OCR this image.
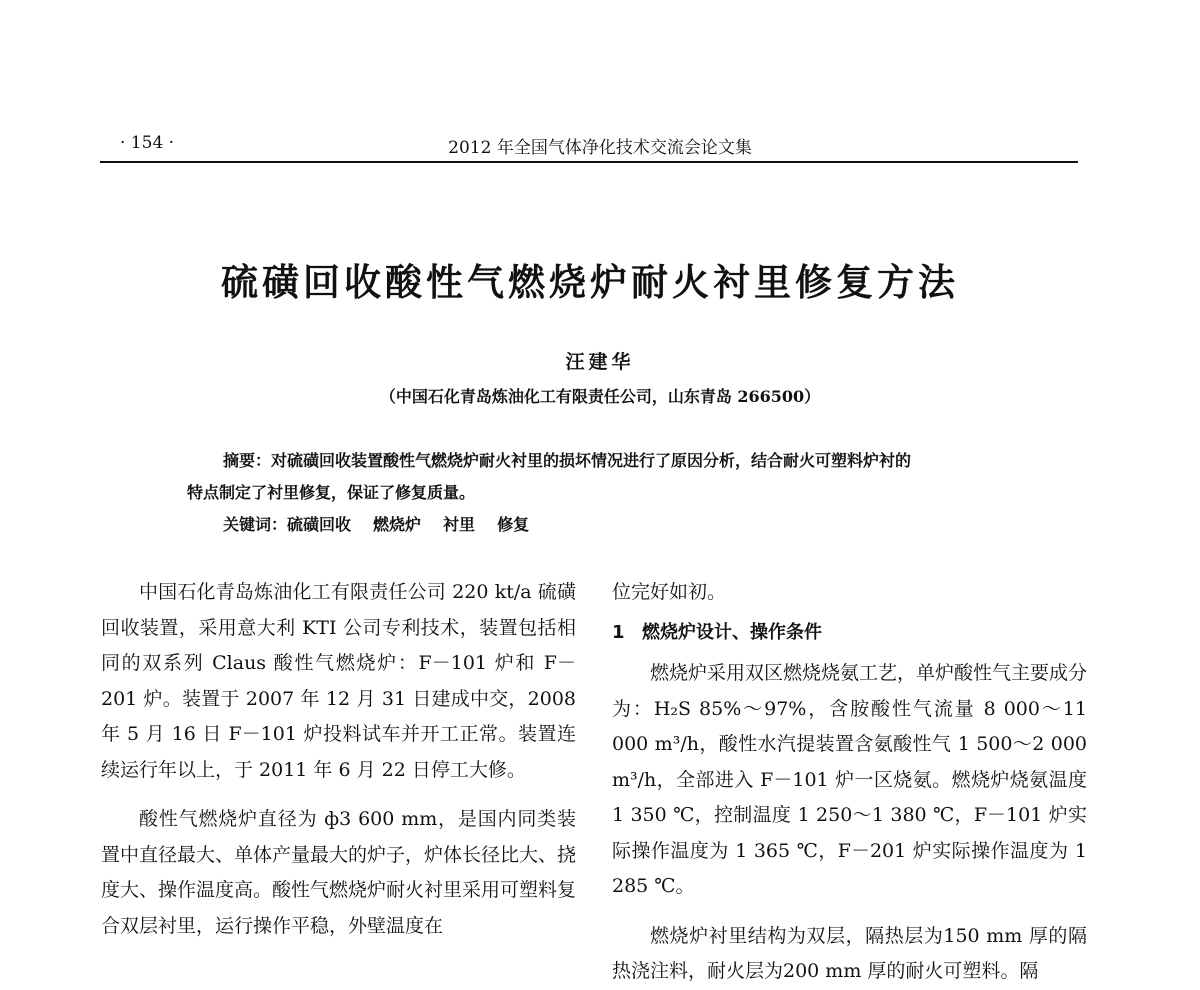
· 154 ·	2012 年全国气体净化技术交流会论文集
硫磺回收酸性气燃烧炉耐火衬里修复方法
汪建华
（中国石化青岛炼油化工有限责任公司，山东青岛 266500）
摘要：对硫磺回收装置酸性气燃烧炉耐火衬里的损坏情况进行了原因分析，结合耐火可塑料炉衬的
特点制定了衬里修复，保证了修复质量。
关键词：硫磺回收 燃烧炉 衬里 修复

中国石化青岛炼油化工有限责任公司 220 kt/a 硫磺回收装置，采用意大利 KTI 公司专利技术，装置包括相同的双系列 Claus 酸性气燃烧炉：F－101 炉和 F－201 炉。装置于 2007 年 12 月 31 日建成中交，2008 年 5 月 16 日 F－101 炉投料试车并开工正常。装置连续运行年以上，于 2011 年 6 月 22 日停工大修。

酸性气燃烧炉直径为 ф3 600 mm，是国内同类装置中直径最大、单体产量最大的炉子，炉体长径比大、挠度大、操作温度高。酸性气燃烧炉耐火衬里采用可塑料复合双层衬里，运行操作平稳，外壁温度在

位完好如初。

1 燃烧炉设计、操作条件

燃烧炉采用双区燃烧烧氨工艺，单炉酸性气主要成分为：H₂S 85%～97%，含胺酸性气流量 8 000～11 000 m³/h，酸性水汽提装置含氨酸性气 1 500～2 000 m³/h，全部进入 F－101 炉一区烧氨。燃烧炉烧氨温度 1 350 ℃，控制温度 1 250～1 380 ℃，F－101 炉实际操作温度为 1 365 ℃，F－201 炉实际操作温度为 1 285 ℃。

燃烧炉衬里结构为双层，隔热层为150 mm 厚的隔热浇注料，耐火层为200 mm 厚的耐火可塑料。隔
